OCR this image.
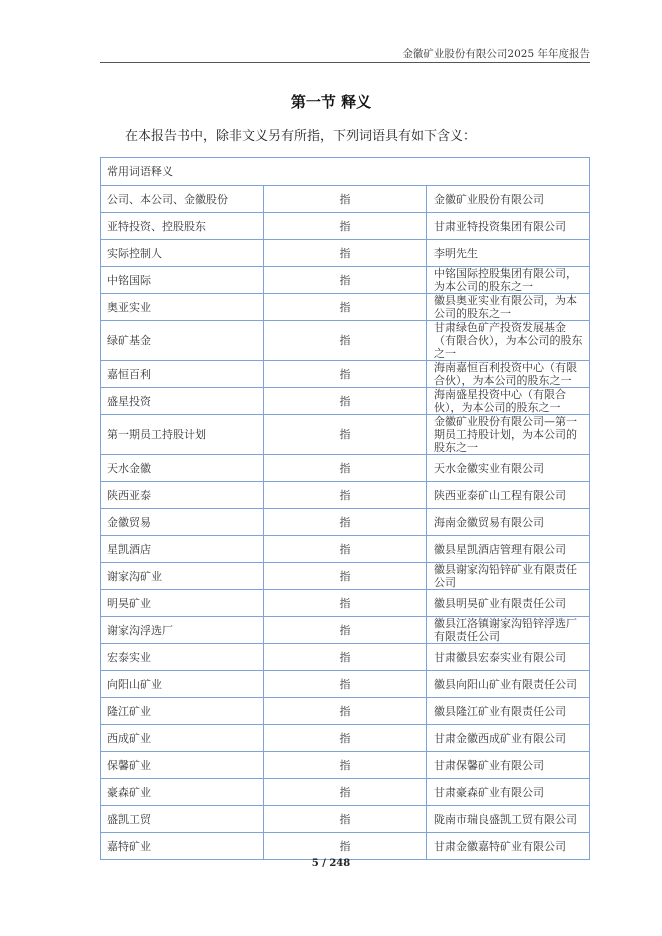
金徽矿业股份有限公司2025 年年度报告
第一节 释义
在本报告书中，除非文义另有所指，下列词语具有如下含义：
常用词语释义		
公司、本公司、金徽股份	指	金徽矿业股份有限公司
亚特投资、控股股东	指	甘肃亚特投资集团有限公司
实际控制人	指	李明先生
中铭国际	指	中铭国际控股集团有限公司，为本公司的股东之一
奥亚实业	指	徽县奥亚实业有限公司，为本公司的股东之一
绿矿基金	指	甘肃绿色矿产投资发展基金（有限合伙），为本公司的股东之一
嘉恒百利	指	海南嘉恒百利投资中心（有限合伙），为本公司的股东之一
盛星投资	指	海南盛星投资中心（有限合伙），为本公司的股东之一
第一期员工持股计划	指	金徽矿业股份有限公司—第一期员工持股计划，为本公司的股东之一
天水金徽	指	天水金徽实业有限公司
陕西亚泰	指	陕西亚泰矿山工程有限公司
金徽贸易	指	海南金徽贸易有限公司
星凯酒店	指	徽县星凯酒店管理有限公司
谢家沟矿业	指	徽县谢家沟铅锌矿业有限责任公司
明昊矿业	指	徽县明昊矿业有限责任公司
谢家沟浮选厂	指	徽县江洛镇谢家沟铅锌浮选厂有限责任公司
宏泰实业	指	甘肃徽县宏泰实业有限公司
向阳山矿业	指	徽县向阳山矿业有限责任公司
隆江矿业	指	徽县隆江矿业有限责任公司
西成矿业	指	甘肃金徽西成矿业有限公司
保馨矿业	指	甘肃保馨矿业有限公司
豪森矿业	指	甘肃豪森矿业有限公司
盛凯工贸	指	陇南市瑞良盛凯工贸有限公司
嘉特矿业	指	甘肃金徽嘉特矿业有限公司
5 / 248
